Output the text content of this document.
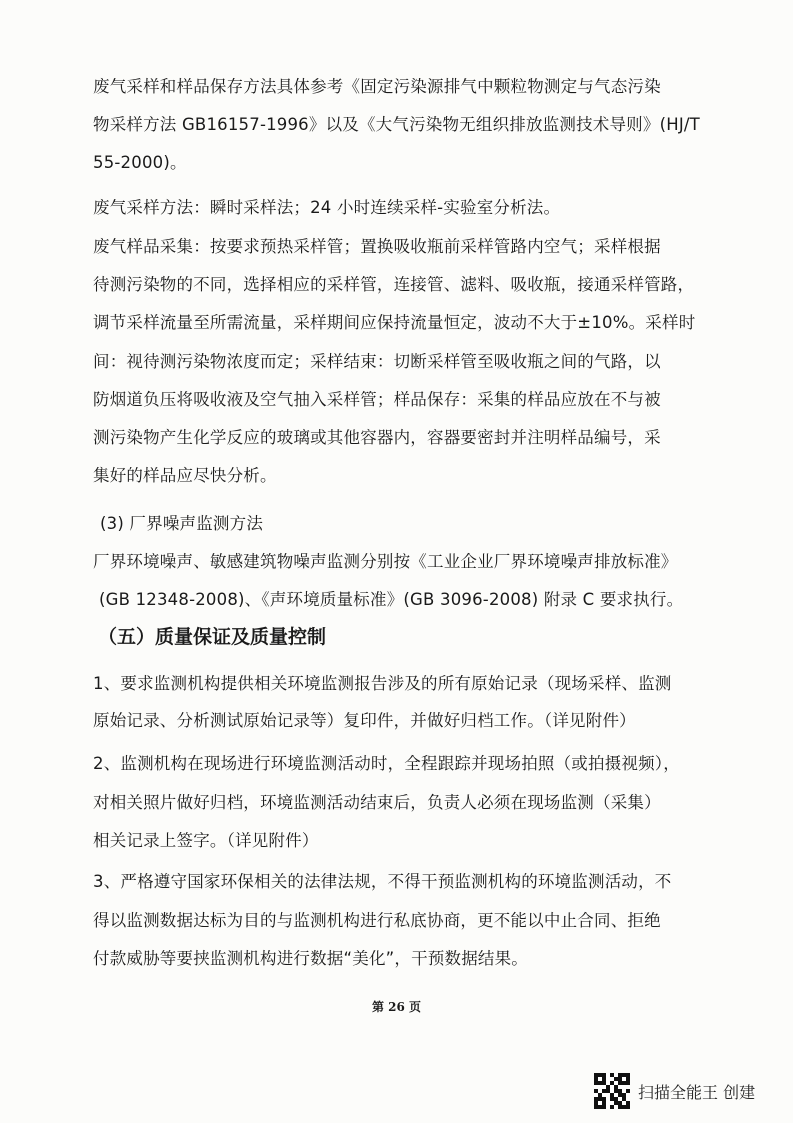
废气采样和样品保存方法具体参考《固定污染源排气中颗粒物测定与气态污染
物采样方法 GB16157-1996》以及《大气污染物无组织排放监测技术导则》(HJ/T
55-2000)。
废气采样方法：瞬时采样法；24 小时连续采样-实验室分析法。
废气样品采集：按要求预热采样管；置换吸收瓶前采样管路内空气；采样根据
待测污染物的不同，选择相应的采样管，连接管、滤料、吸收瓶，接通采样管路，
调节采样流量至所需流量，采样期间应保持流量恒定，波动不大于±10%。采样时
间：视待测污染物浓度而定；采样结束：切断采样管至吸收瓶之间的气路，以
防烟道负压将吸收液及空气抽入采样管；样品保存：采集的样品应放在不与被
测污染物产生化学反应的玻璃或其他容器内，容器要密封并注明样品编号，采
集好的样品应尽快分析。
(3) 厂界噪声监测方法
厂界环境噪声、敏感建筑物噪声监测分别按《工业企业厂界环境噪声排放标准》
(GB 12348-2008)、《声环境质量标准》(GB 3096-2008) 附录 C 要求执行。
（五）质量保证及质量控制
1、要求监测机构提供相关环境监测报告涉及的所有原始记录（现场采样、监测
原始记录、分析测试原始记录等）复印件，并做好归档工作。（详见附件）
2、监测机构在现场进行环境监测活动时，全程跟踪并现场拍照（或拍摄视频），
对相关照片做好归档，环境监测活动结束后，负责人必须在现场监测（采集）
相关记录上签字。（详见附件）
3、严格遵守国家环保相关的法律法规，不得干预监测机构的环境监测活动，不
得以监测数据达标为目的与监测机构进行私底协商，更不能以中止合同、拒绝
付款威胁等要挟监测机构进行数据“美化”，干预数据结果。
第 26 页
扫描全能王 创建
